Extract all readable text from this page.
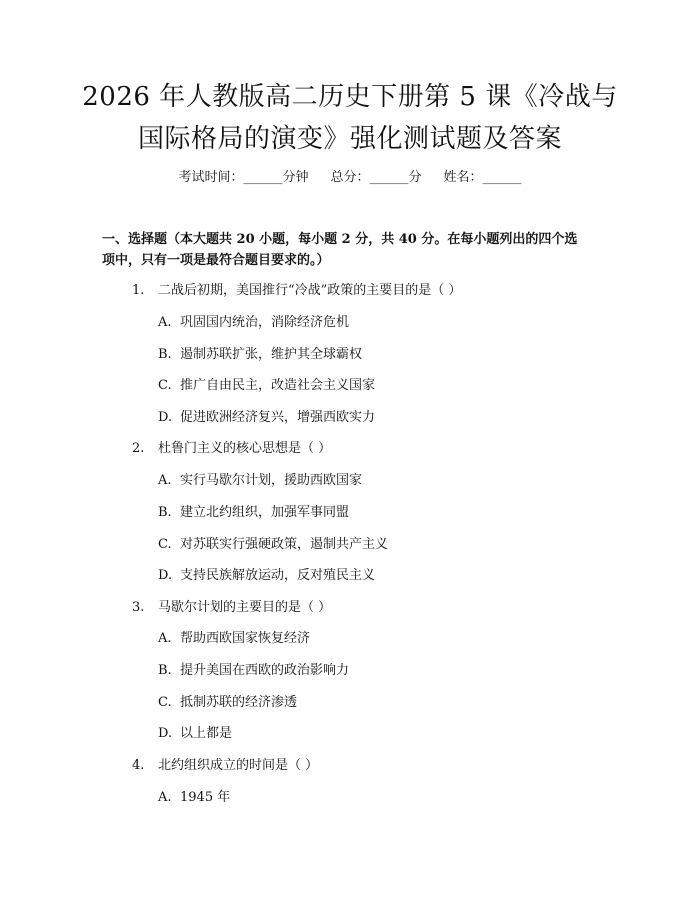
2026 年人教版高二历史下册第 5 课《冷战与
国际格局的演变》强化测试题及答案
考试时间：______分钟 总分：______分 姓名：______
一、选择题（本大题共 20 小题，每小题 2 分，共 40 分。在每小题列出的四个选
项中，只有一项是最符合题目要求的。）
1. 二战后初期，美国推行“冷战”政策的主要目的是（ ）
A. 巩固国内统治，消除经济危机
B. 遏制苏联扩张，维护其全球霸权
C. 推广自由民主，改造社会主义国家
D. 促进欧洲经济复兴，增强西欧实力
2. 杜鲁门主义的核心思想是（ ）
A. 实行马歇尔计划，援助西欧国家
B. 建立北约组织，加强军事同盟
C. 对苏联实行强硬政策，遏制共产主义
D. 支持民族解放运动，反对殖民主义
3. 马歇尔计划的主要目的是（ ）
A. 帮助西欧国家恢复经济
B. 提升美国在西欧的政治影响力
C. 抵制苏联的经济渗透
D. 以上都是
4. 北约组织成立的时间是（ ）
A. 1945 年
